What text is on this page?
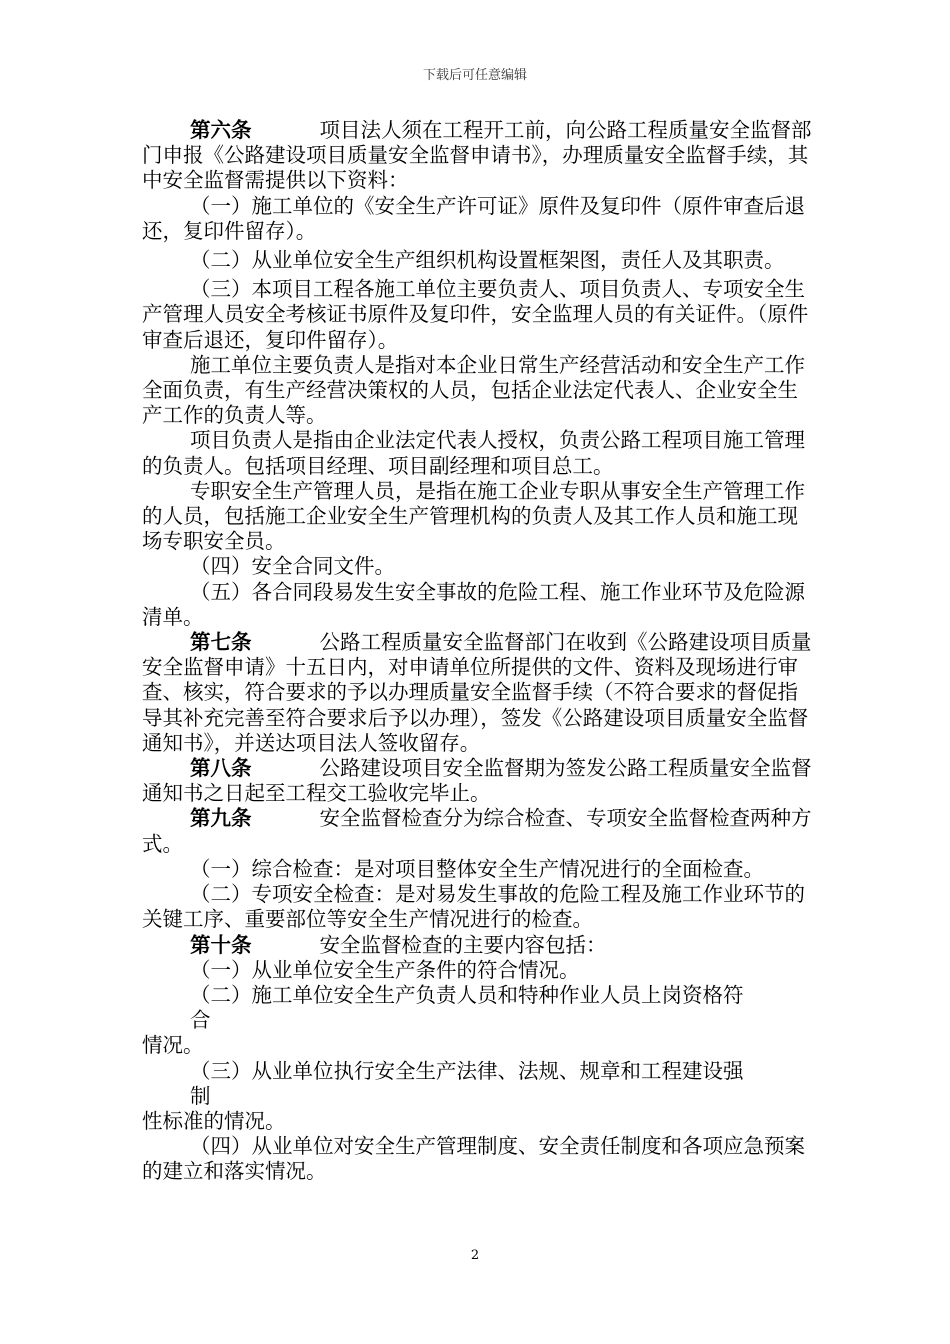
下载后可任意编辑

第六条	项目法人须在工程开工前，向公路工程质量安全监督部门申报《公路建设项目质量安全监督申请书》，办理质量安全监督手续，其中安全监督需提供以下资料：

（一）施工单位的《安全生产许可证》原件及复印件（原件审查后退还，复印件留存）。

（二）从业单位安全生产组织机构设置框架图，责任人及其职责。

（三）本项目工程各施工单位主要负责人、项目负责人、专项安全生产管理人员安全考核证书原件及复印件，安全监理人员的有关证件。（原件审查后退还，复印件留存）。

施工单位主要负责人是指对本企业日常生产经营活动和安全生产工作全面负责，有生产经营决策权的人员，包括企业法定代表人、企业安全生产工作的负责人等。

项目负责人是指由企业法定代表人授权，负责公路工程项目施工管理的负责人。包括项目经理、项目副经理和项目总工。

专职安全生产管理人员，是指在施工企业专职从事安全生产管理工作的人员，包括施工企业安全生产管理机构的负责人及其工作人员和施工现场专职安全员。

（四）安全合同文件。

（五）各合同段易发生安全事故的危险工程、施工作业环节及危险源清单。

第七条	公路工程质量安全监督部门在收到《公路建设项目质量安全监督申请》十五日内，对申请单位所提供的文件、资料及现场进行审查、核实，符合要求的予以办理质量安全监督手续（不符合要求的督促指导其补充完善至符合要求后予以办理），签发《公路建设项目质量安全监督通知书》，并送达项目法人签收留存。

第八条	公路建设项目安全监督期为签发公路工程质量安全监督通知书之日起至工程交工验收完毕止。

第九条	安全监督检查分为综合检查、专项安全监督检查两种方式。

（一）综合检查：是对项目整体安全生产情况进行的全面检查。

（二）专项安全检查：是对易发生事故的危险工程及施工作业环节的关键工序、重要部位等安全生产情况进行的检查。

第十条	安全监督检查的主要内容包括：

（一）从业单位安全生产条件的符合情况。

（二）施工单位安全生产负责人员和特种作业人员上岗资格符

合

情况。

（三）从业单位执行安全生产法律、法规、规章和工程建设强

制

性标准的情况。

（四）从业单位对安全生产管理制度、安全责任制度和各项应急预案的建立和落实情况。

2
